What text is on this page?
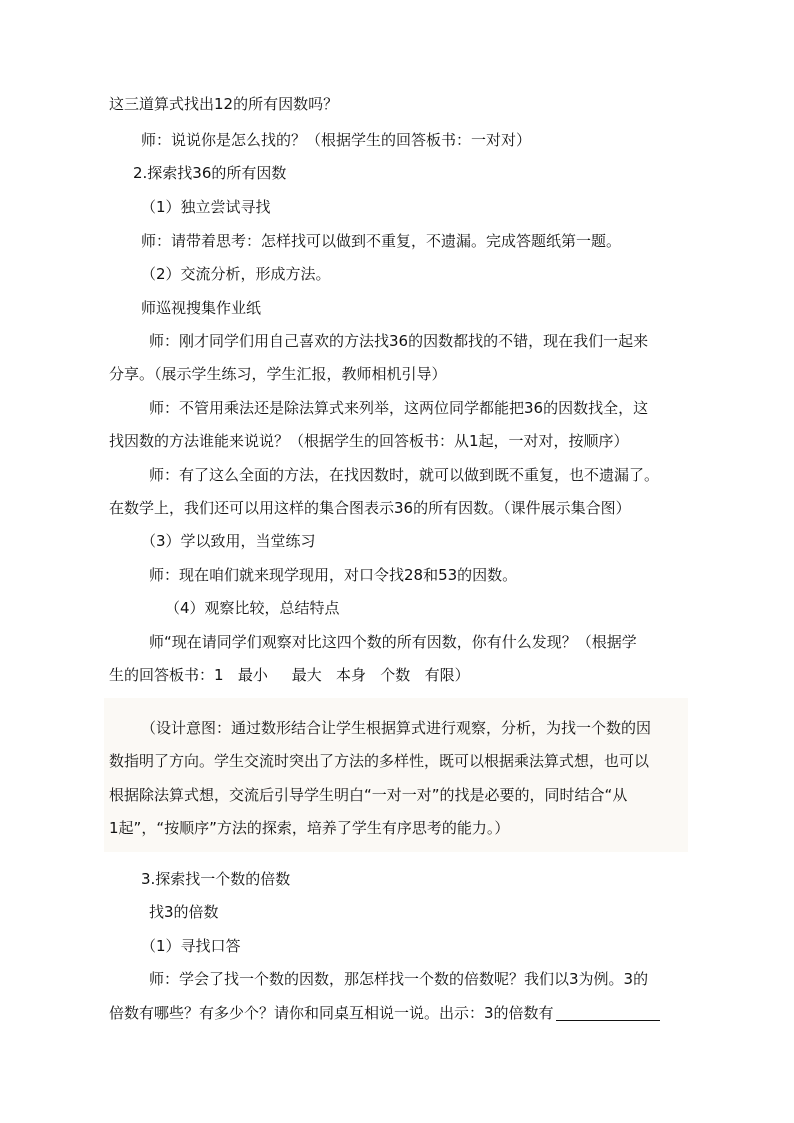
这三道算式找出12的所有因数吗？
师：说说你是怎么找的？（根据学生的回答板书：一对对）
2.探索找36的所有因数
（1）独立尝试寻找
师：请带着思考：怎样找可以做到不重复，不遗漏。完成答题纸第一题。
（2）交流分析，形成方法。
师巡视搜集作业纸
师：刚才同学们用自己喜欢的方法找36的因数都找的不错，现在我们一起来
分享。（展示学生练习，学生汇报，教师相机引导）
师：不管用乘法还是除法算式来列举，这两位同学都能把36的因数找全，这
找因数的方法谁能来说说？（根据学生的回答板书：从1起，一对对，按顺序）
师：有了这么全面的方法，在找因数时，就可以做到既不重复，也不遗漏了。
在数学上，我们还可以用这样的集合图表示36的所有因数。（课件展示集合图）
（3）学以致用，当堂练习
师：现在咱们就来现学现用，对口令找28和53的因数。
（4）观察比较，总结特点
师“现在请同学们观察对比这四个数的所有因数，你有什么发现？（根据学
生的回答板书：1   最小     最大   本身   个数   有限）
（设计意图：通过数形结合让学生根据算式进行观察，分析，为找一个数的因
数指明了方向。学生交流时突出了方法的多样性，既可以根据乘法算式想，也可以
根据除法算式想，交流后引导学生明白“一对一对”的找是必要的，同时结合“从
1起”，“按顺序”方法的探索，培养了学生有序思考的能力。）
3.探索找一个数的倍数
找3的倍数
（1）寻找口答
师：学会了找一个数的因数，那怎样找一个数的倍数呢？我们以3为例。3的
倍数有哪些？有多少个？请你和同桌互相说一说。出示：3的倍数有
